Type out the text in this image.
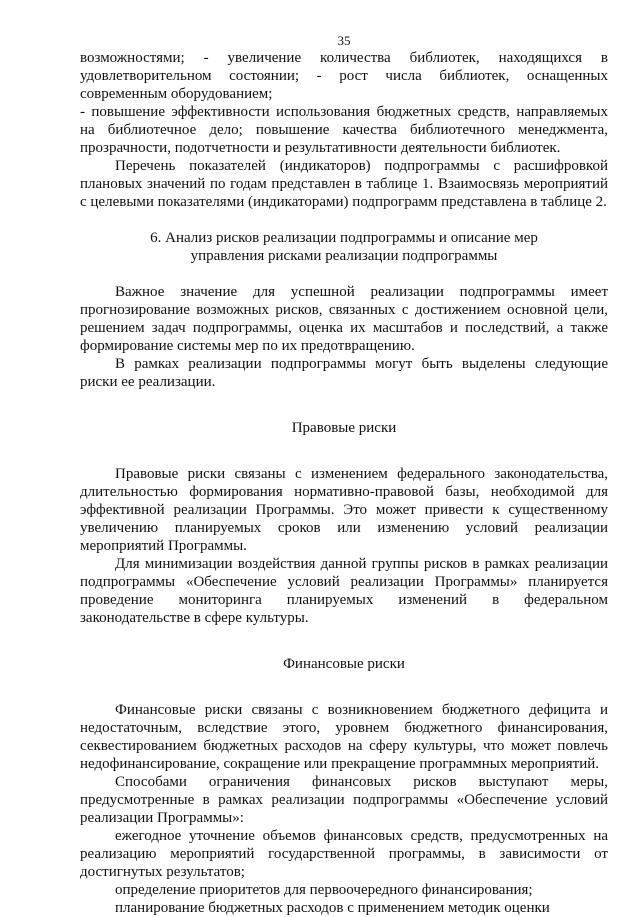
35

возможностями; - увеличение количества библиотек, находящихся в удовлетворительном состоянии; - рост числа библиотек, оснащенных современным оборудованием;

- повышение эффективности использования бюджетных средств, направляемых на библиотечное дело; повышение качества библиотечного менеджмента, прозрачности, подотчетности и результативности деятельности библиотек.

Перечень показателей (индикаторов) подпрограммы с расшифровкой плановых значений по годам представлен в таблице 1. Взаимосвязь мероприятий с целевыми показателями (индикаторами) подпрограмм представлена в таблице 2.

6. Анализ рисков реализации подпрограммы и описание мер
управления рисками реализации подпрограммы

Важное значение для успешной реализации подпрограммы имеет прогнозирование возможных рисков, связанных с достижением основной цели, решением задач подпрограммы, оценка их масштабов и последствий, а также формирование системы мер по их предотвращению.

В рамках реализации подпрограммы могут быть выделены следующие риски ее реализации.

Правовые риски

Правовые риски связаны с изменением федерального законодательства, длительностью формирования нормативно-правовой базы, необходимой для эффективной реализации Программы. Это может привести к существенному увеличению планируемых сроков или изменению условий реализации мероприятий Программы.

Для минимизации воздействия данной группы рисков в рамках реализации подпрограммы «Обеспечение условий реализации Программы» планируется проведение мониторинга планируемых изменений в федеральном законодательстве в сфере культуры.

Финансовые риски

Финансовые риски связаны с возникновением бюджетного дефицита и недостаточным, вследствие этого, уровнем бюджетного финансирования, секвестированием бюджетных расходов на сферу культуры, что может повлечь недофинансирование, сокращение или прекращение программных мероприятий.

Способами ограничения финансовых рисков выступают меры, предусмотренные в рамках реализации подпрограммы «Обеспечение условий реализации Программы»:

ежегодное уточнение объемов финансовых средств, предусмотренных на реализацию мероприятий государственной программы, в зависимости от достигнутых результатов;

определение приоритетов для первоочередного финансирования;

планирование бюджетных расходов с применением методик оценки
